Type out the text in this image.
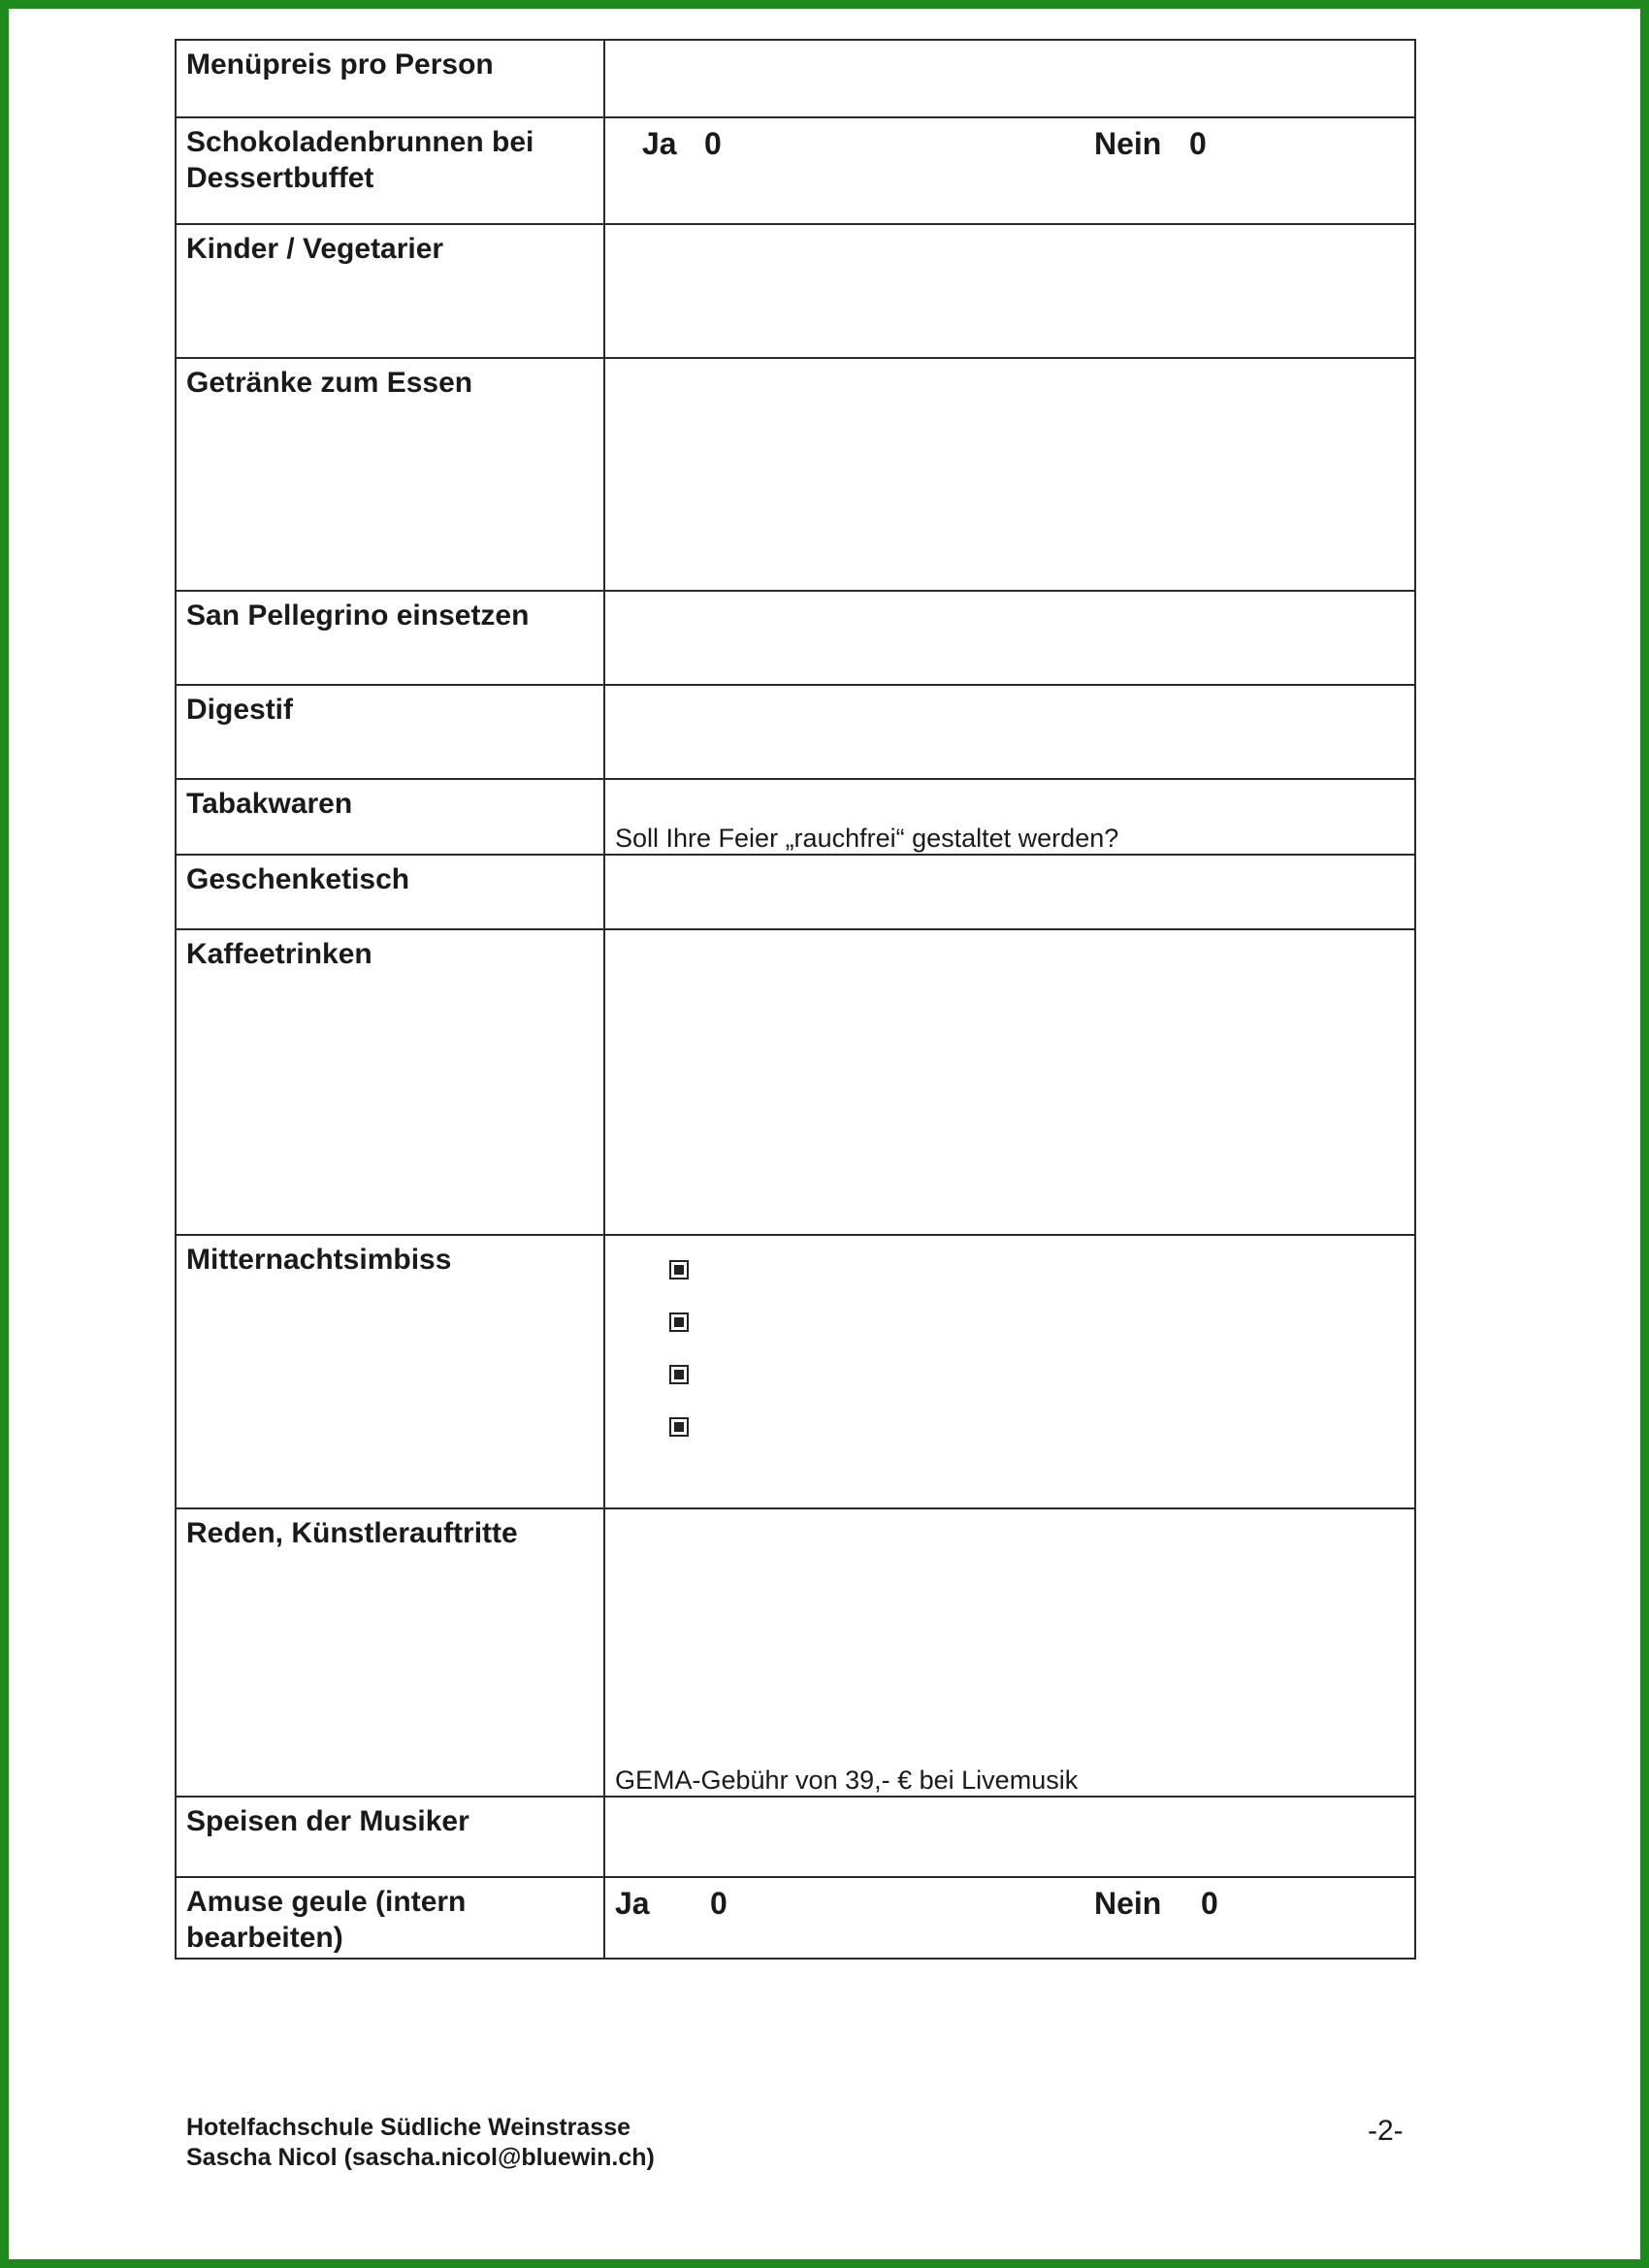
Menüpreis pro Person	

Schokoladenbrunnen bei Dessertbuffet	Ja 0 Nein 0

Kinder / Vegetarier	

Getränke zum Essen	

San Pellegrino einsetzen	

Digestif	

Tabakwaren	Soll Ihre Feier „rauchfrei“ gestaltet werden?

Geschenketisch	

Kaffeetrinken	

Mitternachtsimbiss	

Reden, Künstlerauftritte	GEMA-Gebühr von 39,- € bei Livemusik

Speisen der Musiker	

Amuse geule (intern bearbeiten)	Ja 0 Nein 0
Hotelfachschule Südliche Weinstrasse
Sascha Nicol (sascha.nicol@bluewin.ch)
-2-
